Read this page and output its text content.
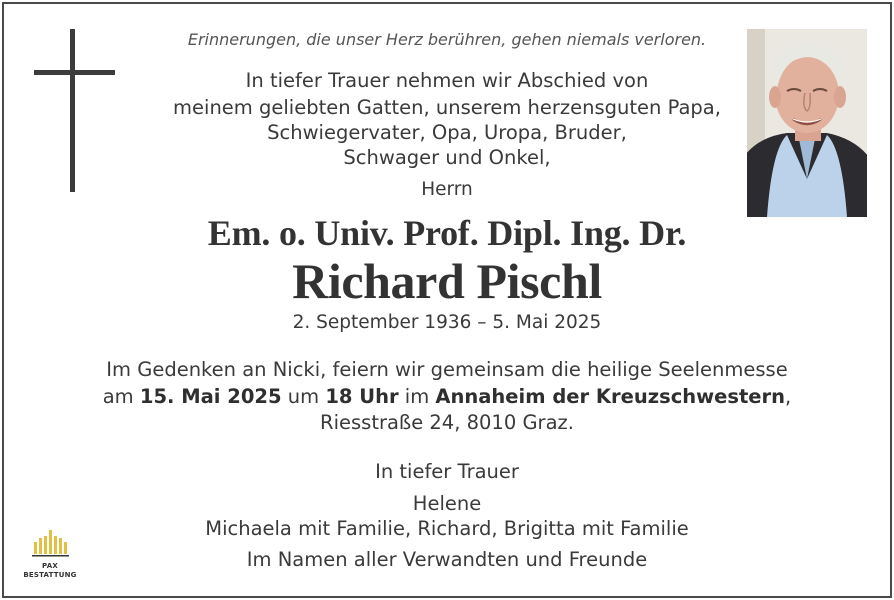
Erinnerungen, die unser Herz berühren, gehen niemals verloren.
In tiefer Trauer nehmen wir Abschied von
meinem geliebten Gatten, unserem herzensguten Papa,
Schwiegervater, Opa, Uropa, Bruder,
Schwager und Onkel,
Herrn
Em. o. Univ. Prof. Dipl. Ing. Dr.
Richard Pischl
2. September 1936 – 5. Mai 2025
Im Gedenken an Nicki, feiern wir gemeinsam die heilige Seelenmesse
am 15. Mai 2025 um 18 Uhr im Annaheim der Kreuzschwestern,
Riesstraße 24, 8010 Graz.
In tiefer Trauer
Helene
Michaela mit Familie, Richard, Brigitta mit Familie
Im Namen aller Verwandten und Freunde
PAX
BESTATTUNG
